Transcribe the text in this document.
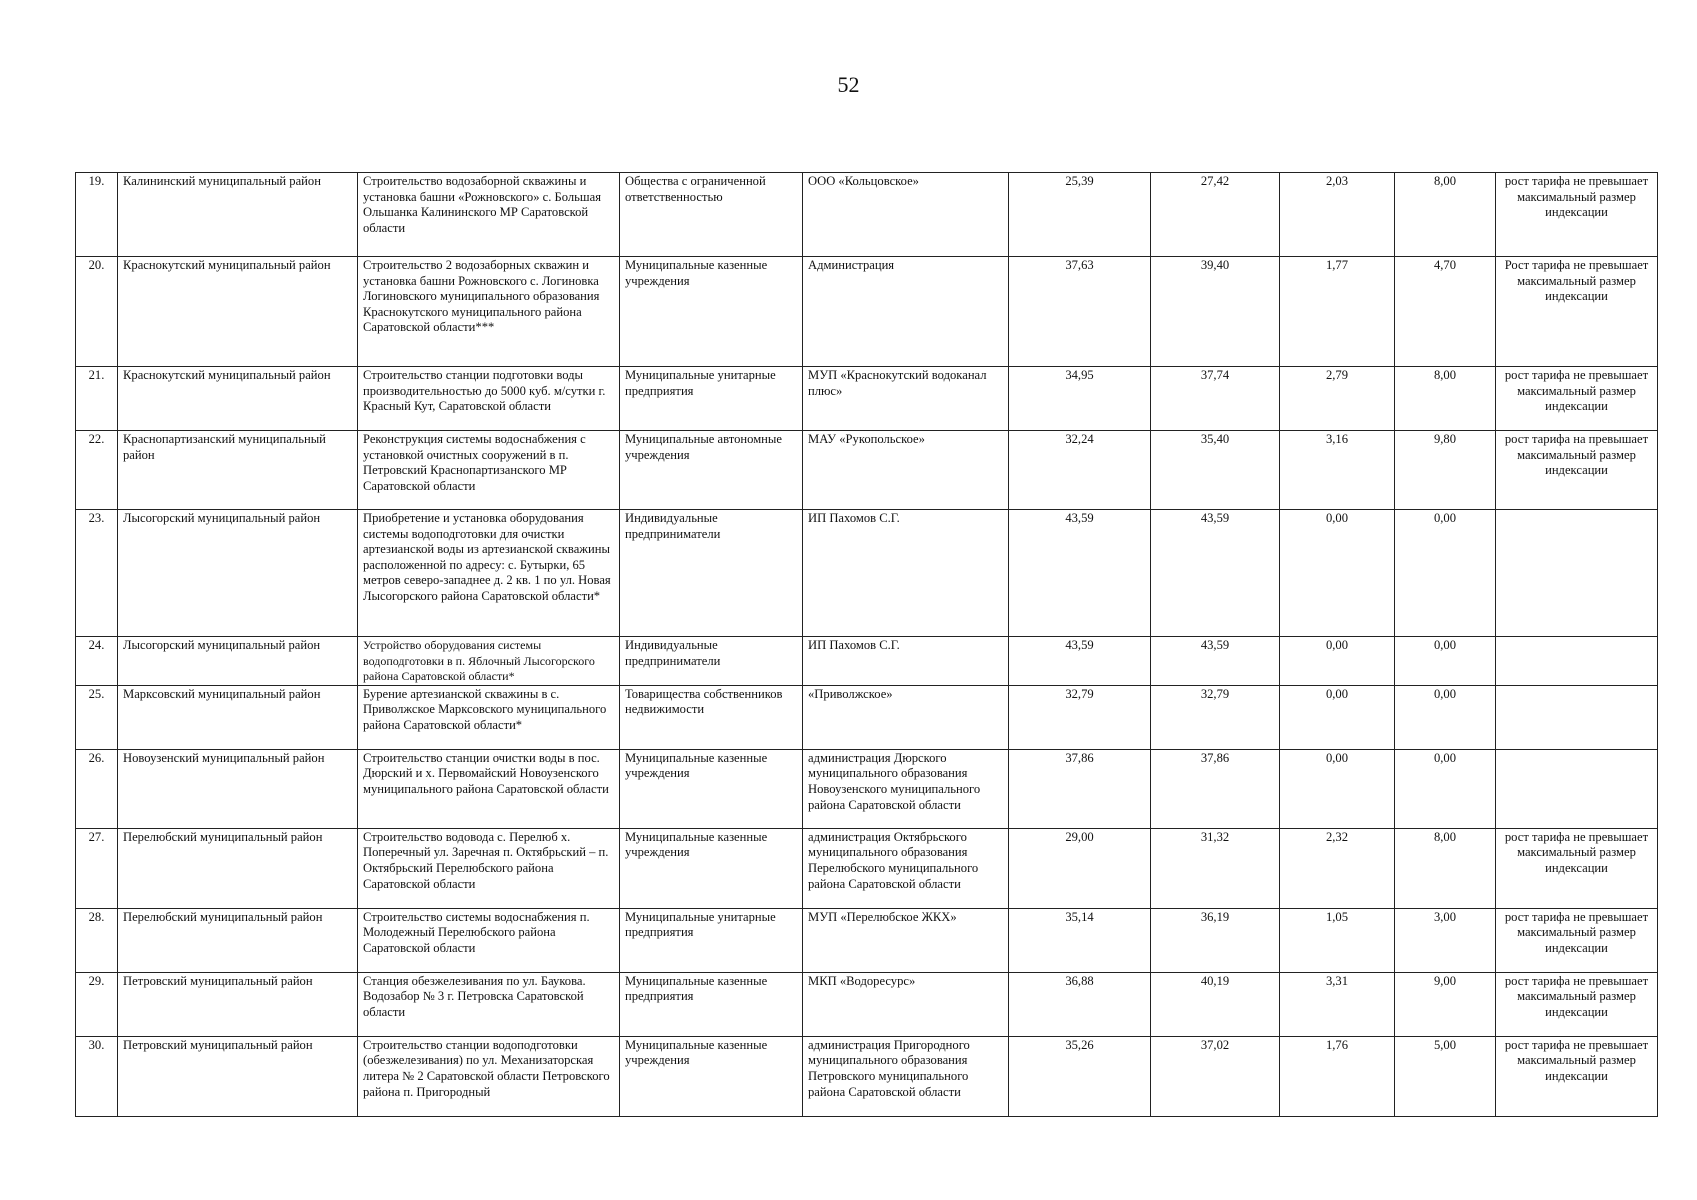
52
19.	Калининский муниципальный район	Строительство водозаборной скважины и установка башни «Рожновского» с. Большая Ольшанка Калининского МР Саратовской области	Общества с ограниченной ответственностью	ООО «Кольцовское»	25,39	27,42	2,03	8,00	рост тарифа не превышает максимальный размер индексации
20.	Краснокутский муниципальный район	Строительство 2 водозаборных скважин и установка башни Рожновского с. Логиновка Логиновского муниципального образования Краснокутского муниципального района Саратовской области***	Муниципальные казенные учреждения	Администрация	37,63	39,40	1,77	4,70	Рост тарифа не превышает максимальный размер индексации
21.	Краснокутский муниципальный район	Строительство станции подготовки воды производительностью до 5000 куб. м/сутки г. Красный Кут, Саратовской области	Муниципальные унитарные предприятия	МУП «Краснокутский водоканал плюс»	34,95	37,74	2,79	8,00	рост тарифа не превышает максимальный размер индексации
22.	Краснопартизанский муниципальный район	Реконструкция системы водоснабжения с установкой очистных сооружений в п. Петровский Краснопартизанского МР Саратовской области	Муниципальные автономные учреждения	МАУ «Рукопольское»	32,24	35,40	3,16	9,80	рост тарифа на превышает максимальный размер индексации
23.	Лысогорский муниципальный район	Приобретение и установка оборудования системы водоподготовки для очистки артезианской воды из артезианской скважины расположенной по адресу: с. Бутырки, 65 метров северо-западнее д. 2 кв. 1 по ул. Новая Лысогорского района Саратовской области*	Индивидуальные предприниматели	ИП Пахомов С.Г.	43,59	43,59	0,00	0,00	
24.	Лысогорский муниципальный район	Устройство оборудования системы водоподготовки в п. Яблочный Лысогорского района Саратовской области*	Индивидуальные предприниматели	ИП Пахомов С.Г.	43,59	43,59	0,00	0,00	
25.	Марксовский муниципальный район	Бурение артезианской скважины в с. Приволжское Марксовского муниципального района Саратовской области*	Товарищества собственников недвижимости	«Приволжское»	32,79	32,79	0,00	0,00	
26.	Новоузенский муниципальный район	Строительство станции очистки воды в пос. Дюрский и х. Первомайский Новоузенского муниципального района Саратовской области	Муниципальные казенные учреждения	администрация Дюрского муниципального образования Новоузенского муниципального района Саратовской области	37,86	37,86	0,00	0,00	
27.	Перелюбский муниципальный район	Строительство водовода с. Перелюб х. Поперечный ул. Заречная п. Октябрьский – п. Октябрьский Перелюбского района Саратовской области	Муниципальные казенные учреждения	администрация Октябрьского муниципального образования Перелюбского муниципального района Саратовской области	29,00	31,32	2,32	8,00	рост тарифа не превышает максимальный размер индексации
28.	Перелюбский муниципальный район	Строительство системы водоснабжения п. Молодежный Перелюбского района Саратовской области	Муниципальные унитарные предприятия	МУП «Перелюбское ЖКХ»	35,14	36,19	1,05	3,00	рост тарифа не превышает максимальный размер индексации
29.	Петровский муниципальный район	Станция обезжелезивания по ул. Баукова. Водозабор № 3 г. Петровска Саратовской области	Муниципальные казенные предприятия	МКП «Водоресурс»	36,88	40,19	3,31	9,00	рост тарифа не превышает максимальный размер индексации
30.	Петровский муниципальный район	Строительство станции водоподготовки (обезжелезивания) по ул. Механизаторская литера № 2 Саратовской области Петровского района п. Пригородный	Муниципальные казенные учреждения	администрация Пригородного муниципального образования Петровского муниципального района Саратовской области	35,26	37,02	1,76	5,00	рост тарифа не превышает максимальный размер индексации
